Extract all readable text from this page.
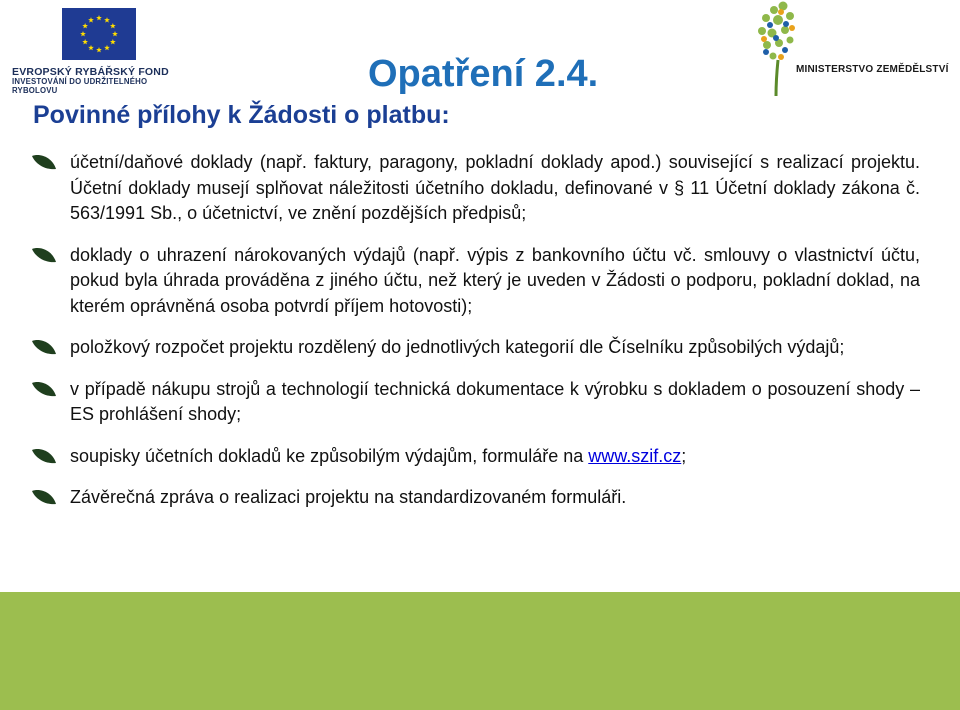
EVROPSKÝ RYBÁŘSKÝ FOND
INVESTOVÁNÍ DO UDRŽITELNÉHO
RYBOLOVU	Opatření 2.4.
Povinné přílohy k Žádosti o platbu:
MINISTERSTVO ZEMĚDĚLSTVÍ
účetní/daňové doklady (např. faktury, paragony, pokladní doklady apod.) související s realizací projektu. Účetní doklady musejí splňovat náležitosti účetního dokladu, definované v § 11 Účetní doklady zákona č. 563/1991 Sb., o účetnictví, ve znění pozdějších předpisů;
doklady o uhrazení nárokovaných výdajů (např. výpis z bankovního účtu vč. smlouvy o vlastnictví účtu, pokud byla úhrada prováděna z jiného účtu, než který je uveden v Žádosti o podporu, pokladní doklad, na kterém oprávněná osoba potvrdí příjem hotovosti);
položkový rozpočet projektu rozdělený do jednotlivých kategorií dle Číselníku způsobilých výdajů;
v případě nákupu strojů a technologií technická dokumentace k výrobku s dokladem o posouzení shody – ES prohlášení shody;
soupisky účetních dokladů ke způsobilým výdajům, formuláře na www.szif.cz;
Závěrečná zpráva o realizaci projektu na standardizovaném formuláři.
